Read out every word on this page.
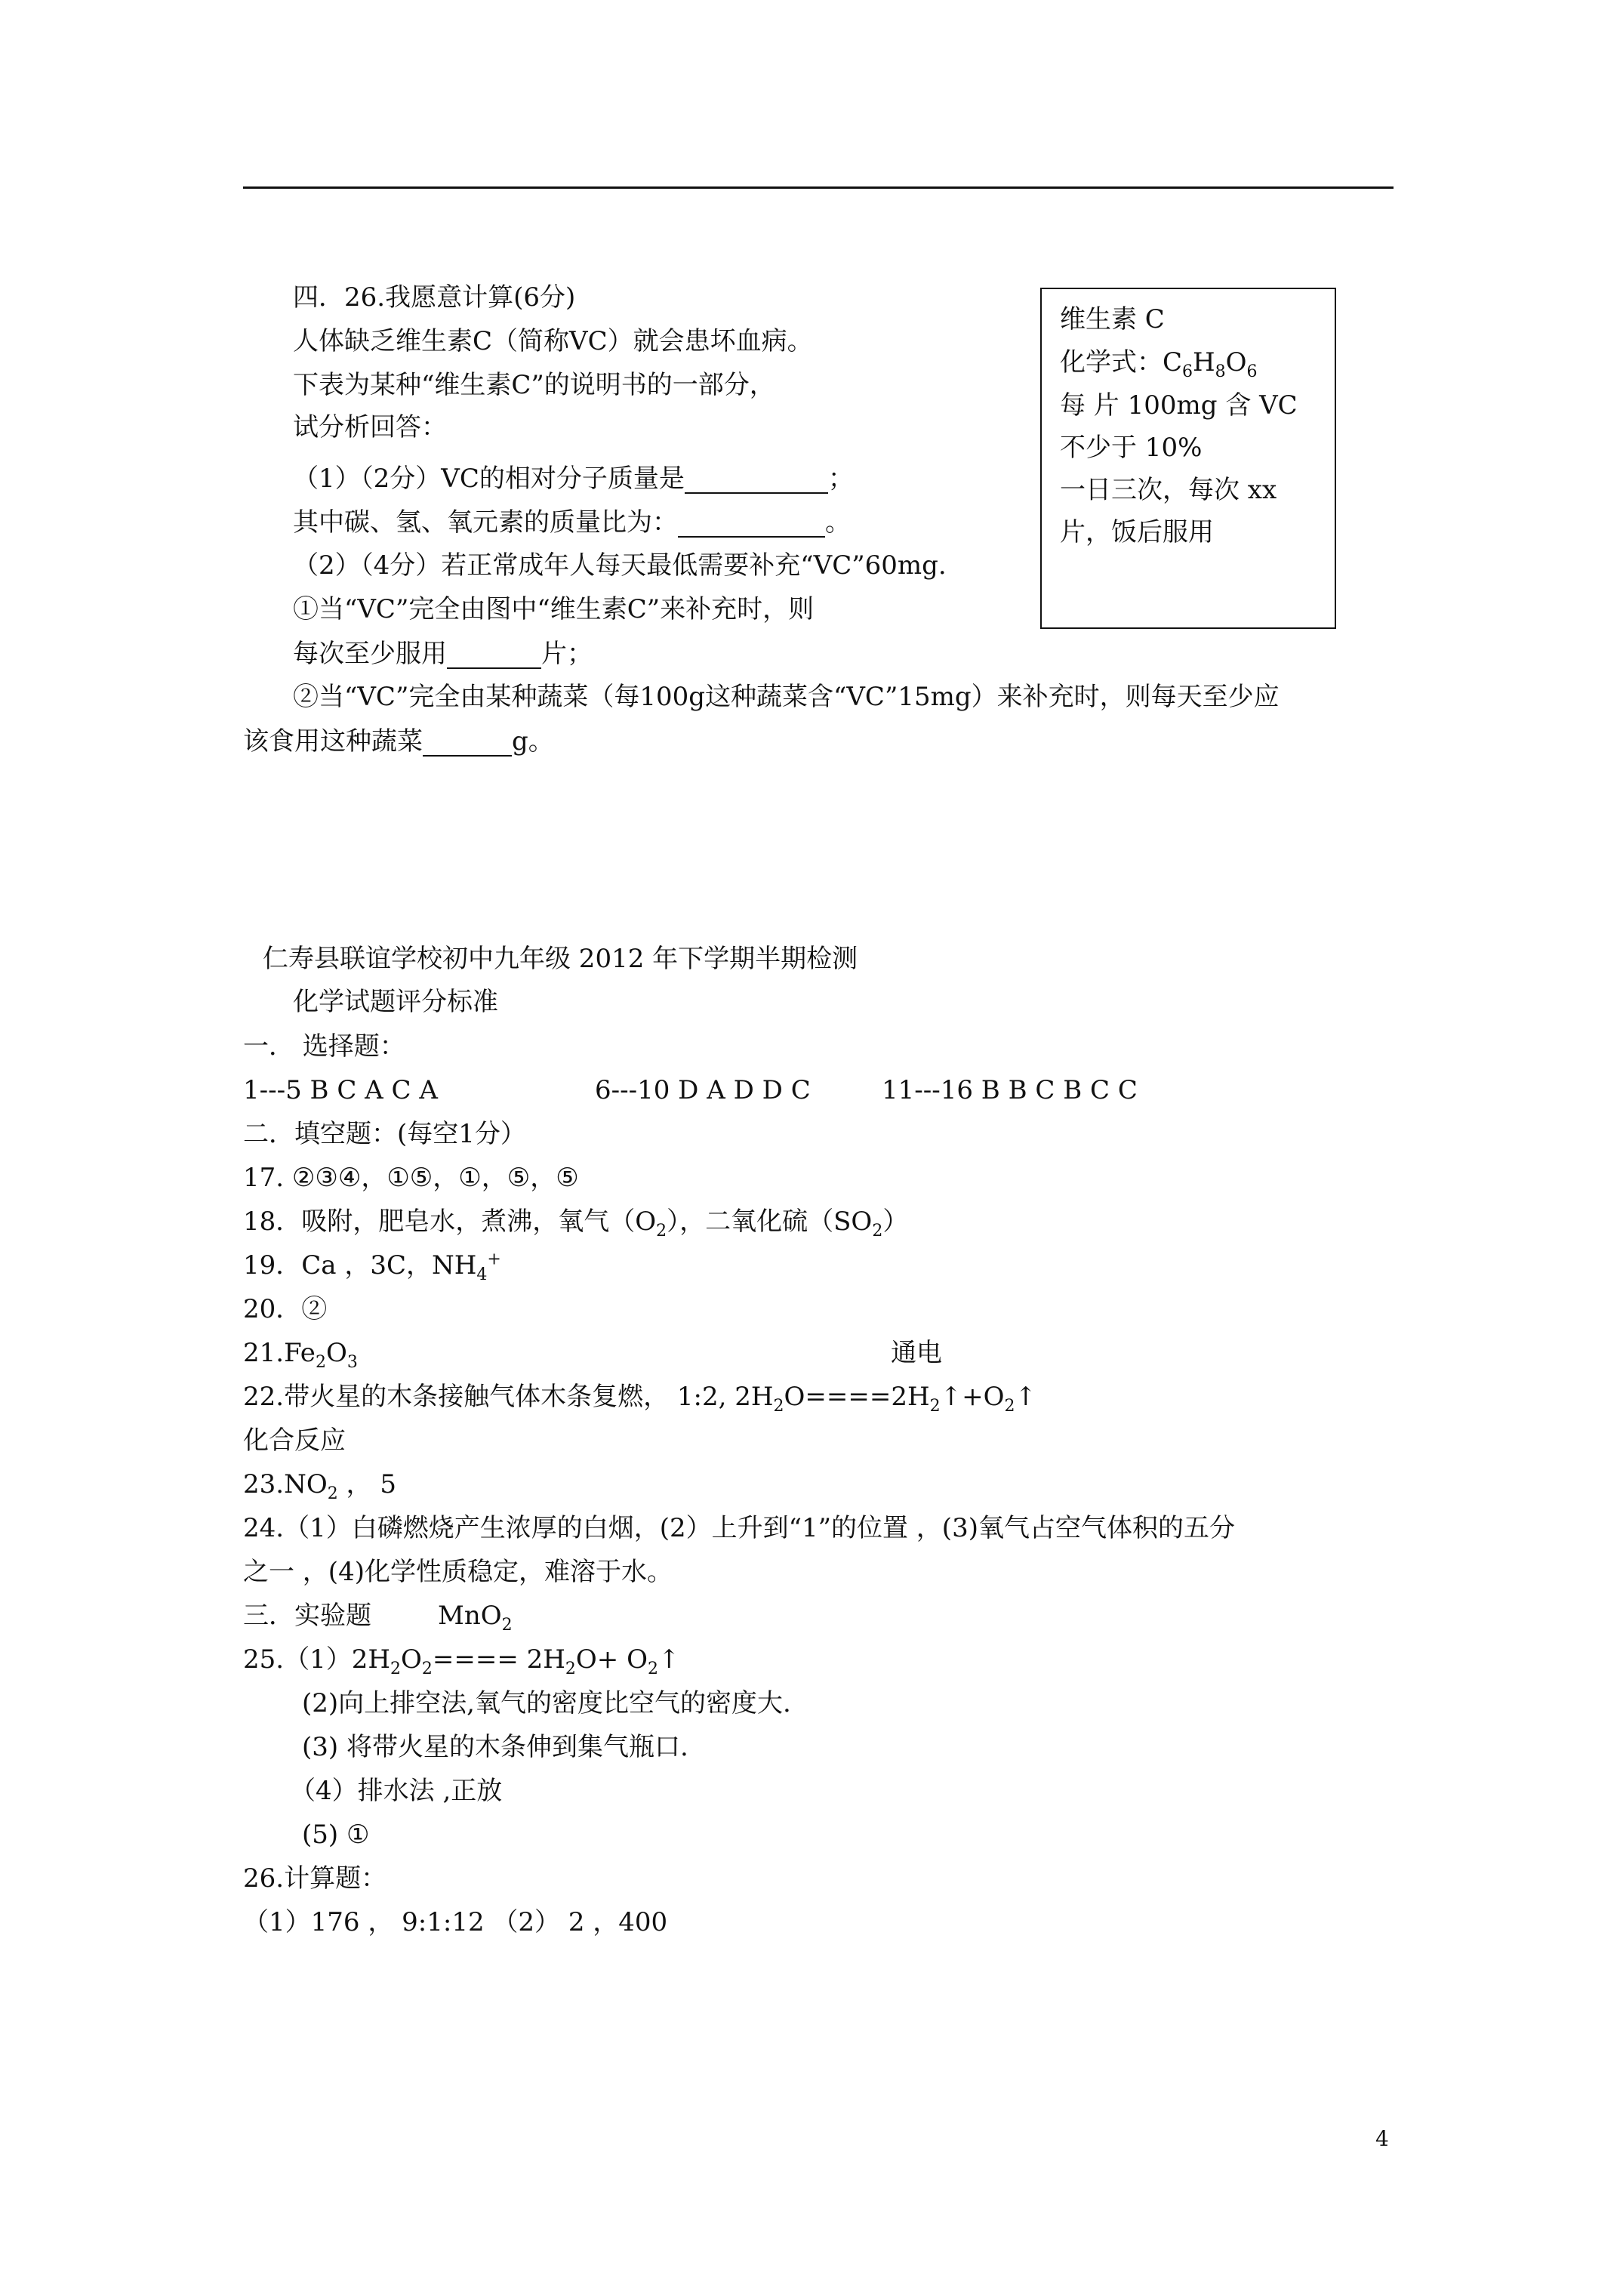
四．26.我愿意计算(6分)
人体缺乏维生素C（简称VC）就会患坏血病。
下表为某种“维生素C”的说明书的一部分，
试分析回答：
（1）（2分）VC的相对分子质量是	；
其中碳、氢、氧元素的质量比为：	。
（2）（4分）若正常成年人每天最低需要补充“VC”60mg.
①当“VC”完全由图中“维生素C”来补充时，则
每次至少服用	片；
②当“VC”完全由某种蔬菜（每100g这种蔬菜含“VC”15mg）来补充时，则每天至少应
该食用这种蔬菜	g。
维生素 C
化学式：$C_6H_8O_6$
每 片 100mg 含 VC
不少于 10%
一日三次，每次 xx
片，饭后服用
仁寿县联谊学校初中九年级 2012 年下学期半期检测
化学试题评分标准
一． 选择题：
1---5 B C A C A	6---10 D A D D C	11---16 B B C B C C
二．填空题：(每空1分）
17. ②③④，①⑤，①，⑤，⑤
18．吸附，肥皂水，煮沸，氧气$(O_2)$，二氧化硫$(SO_2)$
19．Ca ，3C，$NH_4^+$
20．②
$21.Fe_2O_3$	通电
22.带火星的木条接触气体木条复燃， 1:2, $2H_2O====2H_2↑+O_2↑$
化合反应
$23.NO_2$ ， 5
24.（1）白磷燃烧产生浓厚的白烟，(2）上升到“1”的位置 ，(3)氧气占空气体积的五分
之一 ，(4)化学性质稳定，难溶于水。
三．实验题	MnO$_2$
$25.(1)2H_2O_2==== 2H_2O+$ $O_2↑$
(2)向上排空法,氧气的密度比空气的密度大.
(3) 将带火星的木条伸到集气瓶口.
（4）排水法 ,正放
(5) ①
26.计算题：
（1）176 ， 9:1:12 （2） 2 ，400
4
